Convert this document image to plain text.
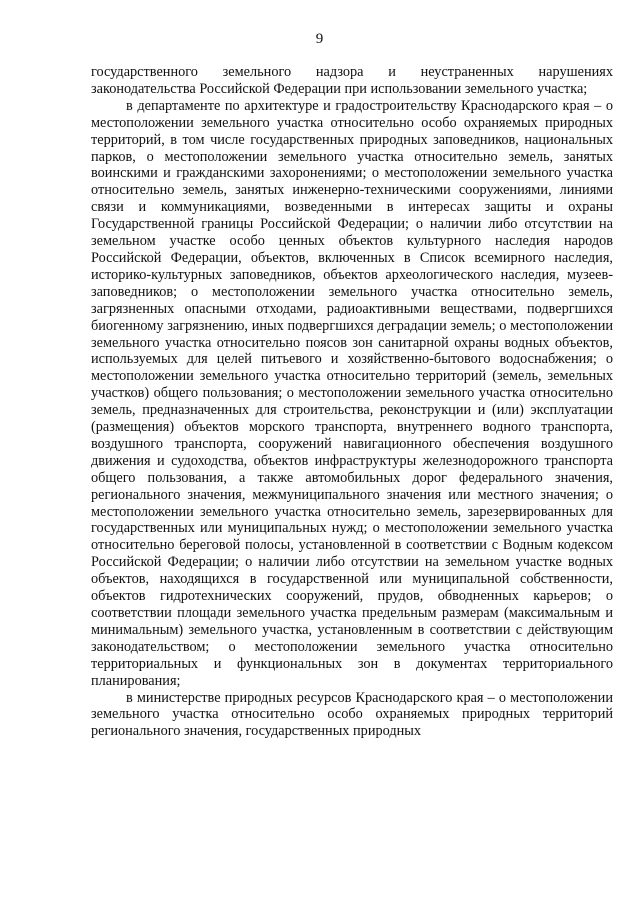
9

государственного земельного надзора и неустраненных нарушениях законодательства Российской Федерации при использовании земельного участка;

в департаменте по архитектуре и градостроительству Краснодарского края – о местоположении земельного участка относительно особо охраняемых природных территорий, в том числе государственных природных заповедников, национальных парков, о местоположении земельного участка относительно земель, занятых воинскими и гражданскими захоронениями; о местоположении земельного участка относительно земель, занятых инженерно-техническими сооружениями, линиями связи и коммуникациями, возведенными в интересах защиты и охраны Государственной границы Российской Федерации; о наличии либо отсутствии на земельном участке особо ценных объектов культурного наследия народов Российской Федерации, объектов, включенных в Список всемирного наследия, историко-культурных заповедников, объектов археологического наследия, музеев-заповедников; о местоположении земельного участка относительно земель, загрязненных опасными отходами, радиоактивными веществами, подвергшихся биогенному загрязнению, иных подвергшихся деградации земель; о местоположении земельного участка относительно поясов зон санитарной охраны водных объектов, используемых для целей питьевого и хозяйственно-бытового водоснабжения; о местоположении земельного участка относительно территорий (земель, земельных участков) общего пользования; о местоположении земельного участка относительно земель, предназначенных для строительства, реконструкции и (или) эксплуатации (размещения) объектов морского транспорта, внутреннего водного транспорта, воздушного транспорта, сооружений навигационного обеспечения воздушного движения и судоходства, объектов инфраструктуры железнодорожного транспорта общего пользования, а также автомобильных дорог федерального значения, регионального значения, межмуниципального значения или местного значения; о местоположении земельного участка относительно земель, зарезервированных для государственных или муниципальных нужд; о местоположении земельного участка относительно береговой полосы, установленной в соответствии с Водным кодексом Российской Федерации; о наличии либо отсутствии на земельном участке водных объектов, находящихся в государственной или муниципальной собственности, объектов гидротехнических сооружений, прудов, обводненных карьеров; о соответствии площади земельного участка предельным размерам (максимальным и минимальным) земельного участка, установленным в соответствии с действующим законодательством; о местоположении земельного участка относительно территориальных и функциональных зон в документах территориального планирования;

в министерстве природных ресурсов Краснодарского края – о местоположении земельного участка относительно особо охраняемых природных территорий регионального значения, государственных природных
